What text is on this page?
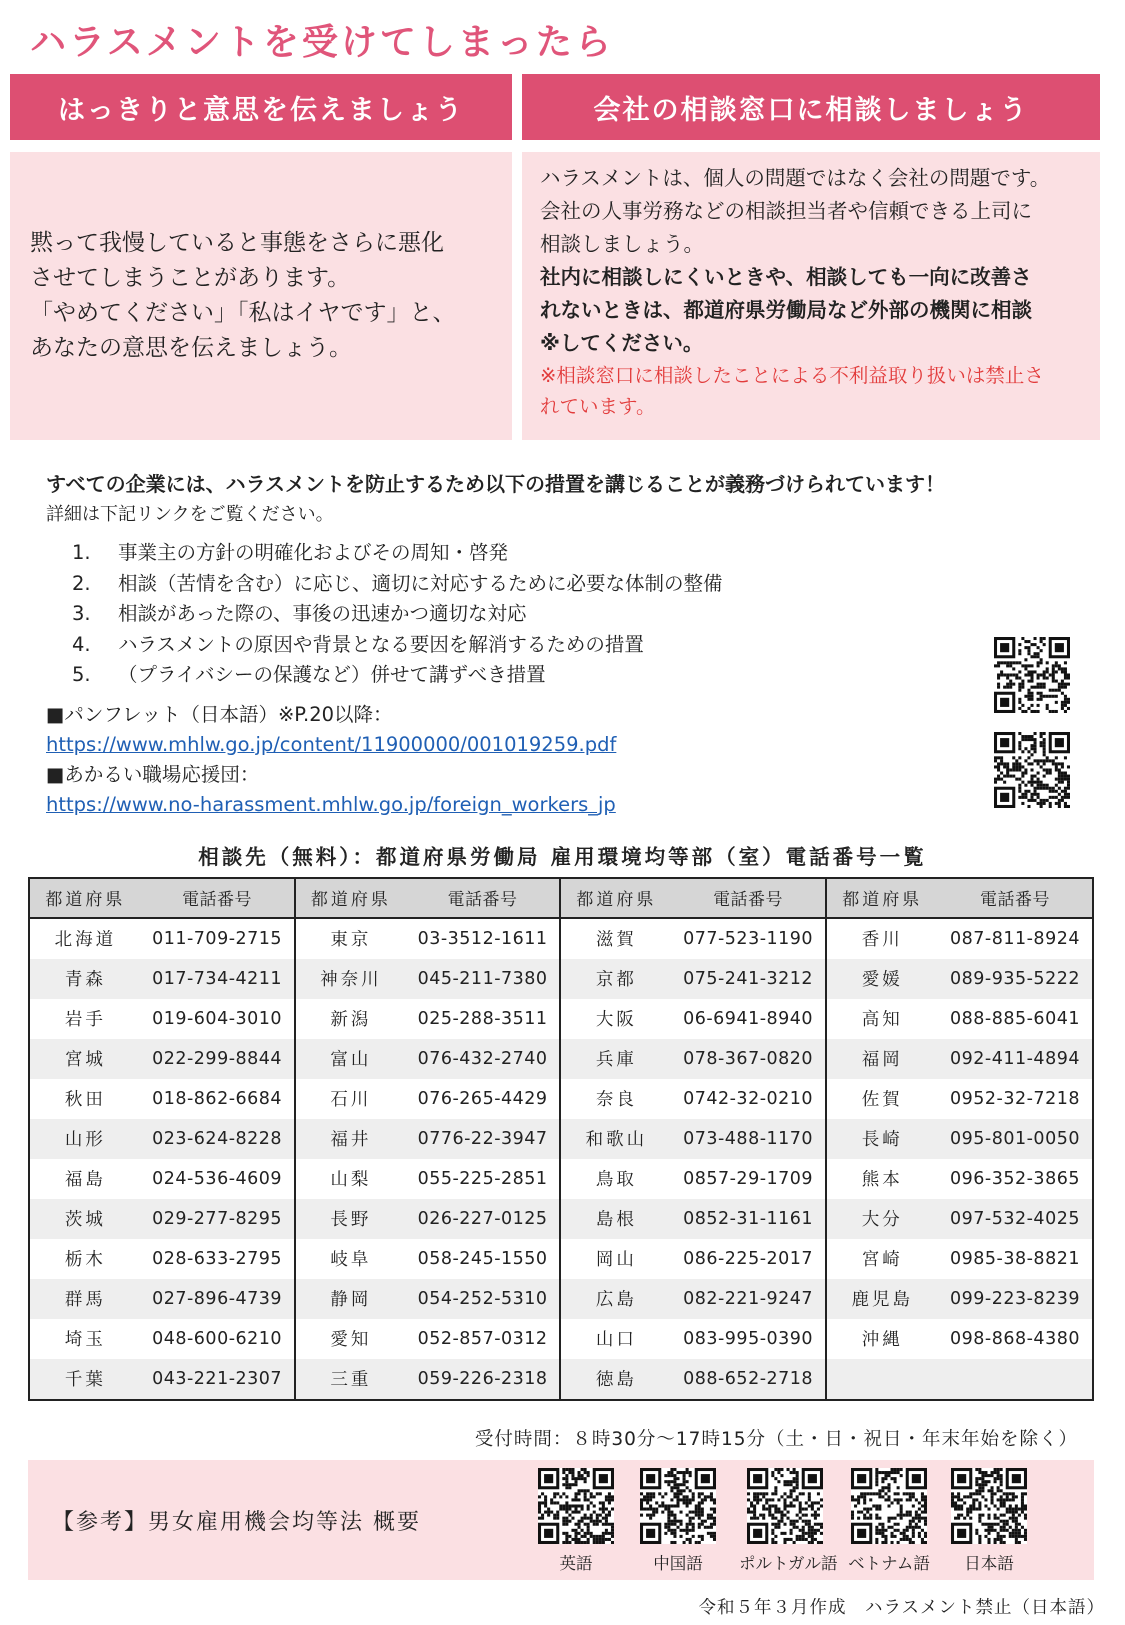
ハラスメントを受けてしまったら
はっきりと意思を伝えましょう	会社の相談窓口に相談しましょう
黙って我慢していると事態をさらに悪化
させてしまうことがあります。
「やめてください」「私はイヤです」と、
あなたの意思を伝えましょう。
ハラスメントは、個人の問題ではなく会社の問題です。
会社の人事労務などの相談担当者や信頼できる上司に
相談しましょう。
社内に相談しにくいときや、相談しても一向に改善さ
れないときは、都道府県労働局など外部の機関に相談
※してください。
※相談窓口に相談したことによる不利益取り扱いは禁止さ
れています。
すべての企業には、ハラスメントを防止するため以下の措置を講じることが義務づけられています！
詳細は下記リンクをご覧ください。
1.	事業主の方針の明確化およびその周知・啓発
2.	相談（苦情を含む）に応じ、適切に対応するために必要な体制の整備
3.	相談があった際の、事後の迅速かつ適切な対応
4.	ハラスメントの原因や背景となる要因を解消するための措置
5.	（プライバシーの保護など）併せて講ずべき措置
■パンフレット（日本語）※P.20以降：
https://www.mhlw.go.jp/content/11900000/001019259.pdf
■あかるい職場応援団：
https://www.no-harassment.mhlw.go.jp/foreign_workers_jp
相談先（無料）：都道府県労働局 雇用環境均等部（室）電話番号一覧
都道府県	電話番号
北海道	011-709-2715
青森	017-734-4211
岩手	019-604-3010
宮城	022-299-8844
秋田	018-862-6684
山形	023-624-8228
福島	024-536-4609
茨城	029-277-8295
栃木	028-633-2795
群馬	027-896-4739
埼玉	048-600-6210
千葉	043-221-2307
都道府県	電話番号
東京	03-3512-1611
神奈川	045-211-7380
新潟	025-288-3511
富山	076-432-2740
石川	076-265-4429
福井	0776-22-3947
山梨	055-225-2851
長野	026-227-0125
岐阜	058-245-1550
静岡	054-252-5310
愛知	052-857-0312
三重	059-226-2318
都道府県	電話番号
滋賀	077-523-1190
京都	075-241-3212
大阪	06-6941-8940
兵庫	078-367-0820
奈良	0742-32-0210
和歌山	073-488-1170
鳥取	0857-29-1709
島根	0852-31-1161
岡山	086-225-2017
広島	082-221-9247
山口	083-995-0390
徳島	088-652-2718
都道府県	電話番号
香川	087-811-8924
愛媛	089-935-5222
高知	088-885-6041
福岡	092-411-4894
佐賀	0952-32-7218
長崎	095-801-0050
熊本	096-352-3865
大分	097-532-4025
宮崎	0985-38-8821
鹿児島	099-223-8239
沖縄	098-868-4380
受付時間：８時30分～17時15分（土・日・祝日・年末年始を除く）
【参考】男女雇用機会均等法 概要
英語	中国語	ポルトガル語 ベトナム語	日本語
令和５年３月作成　ハラスメント禁止（日本語）
